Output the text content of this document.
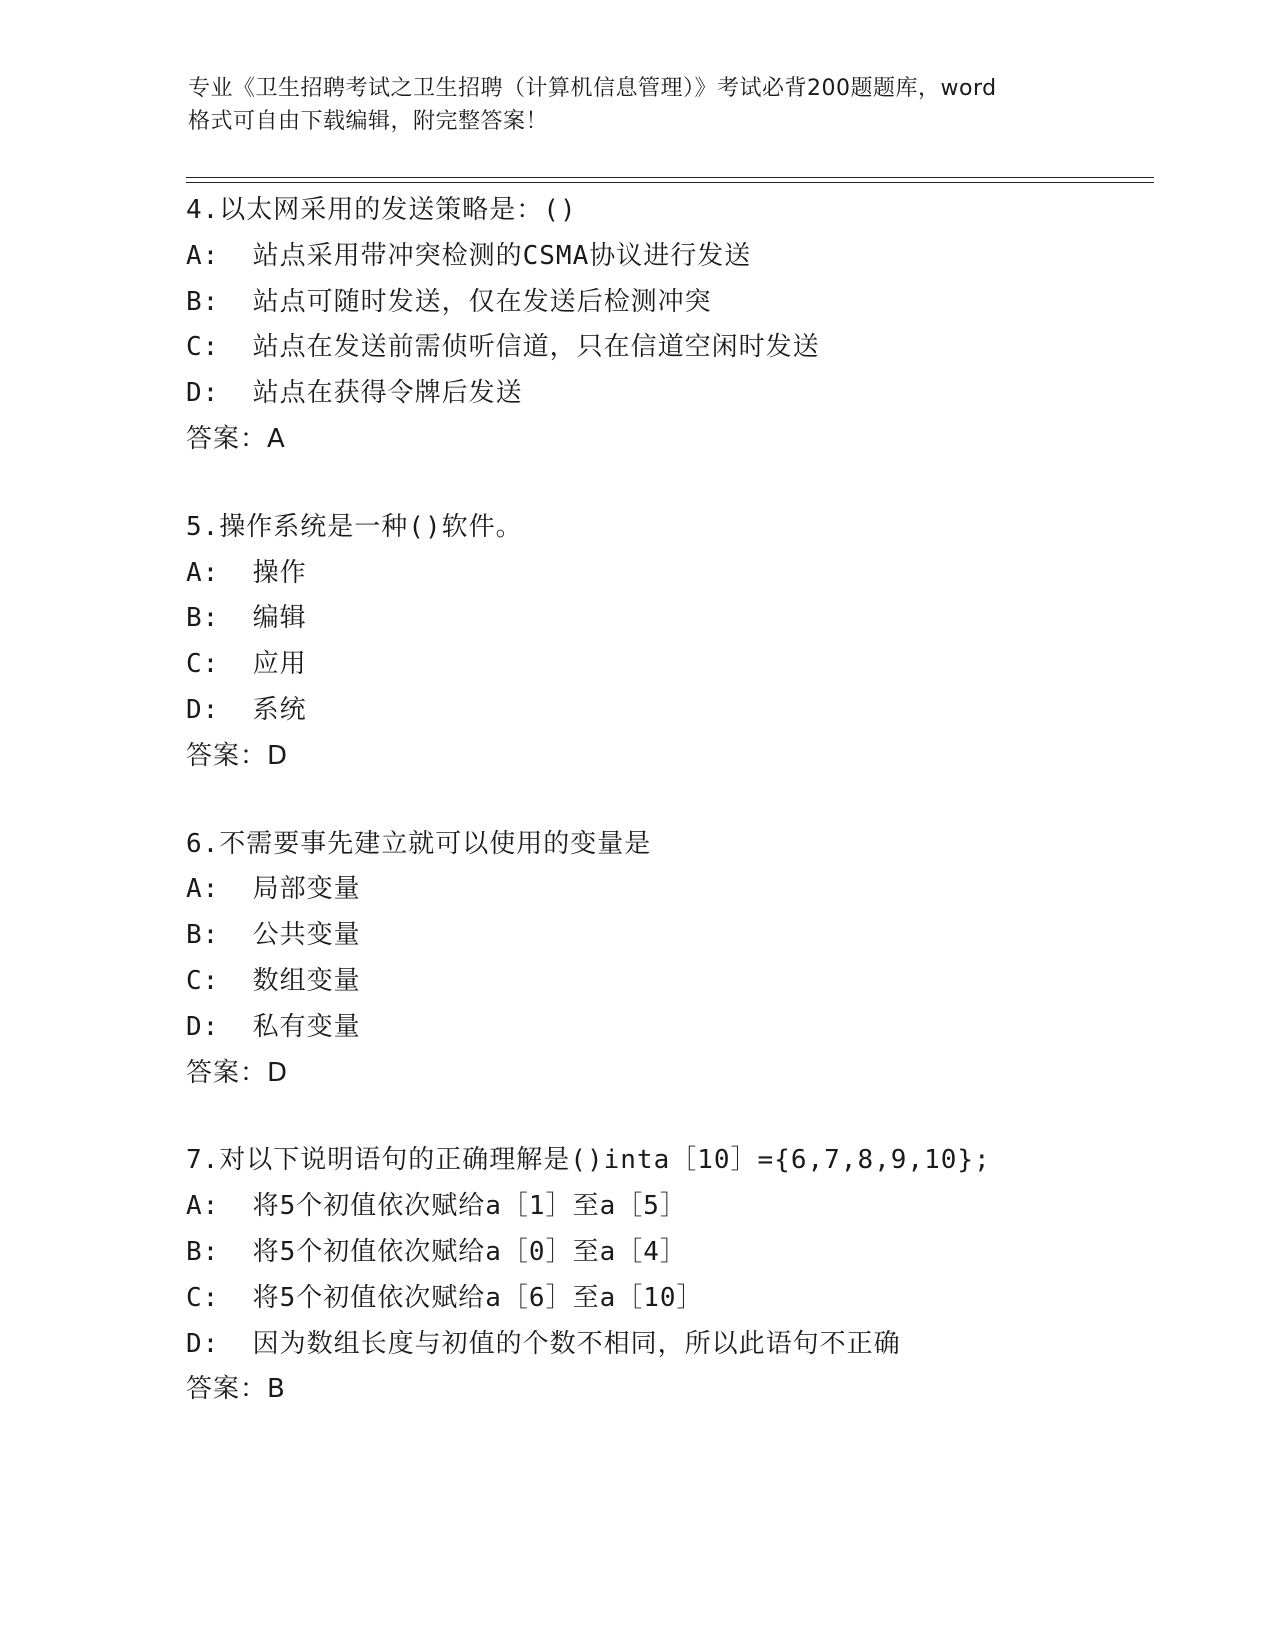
专业《卫生招聘考试之卫生招聘（计算机信息管理）》考试必背200题题库，word
格式可自由下载编辑，附完整答案！
4.以太网采用的发送策略是：()
A:  站点采用带冲突检测的CSMA协议进行发送
B:  站点可随时发送，仅在发送后检测冲突
C:  站点在发送前需侦听信道，只在信道空闲时发送
D:  站点在获得令牌后发送
答案：A
5.操作系统是一种()软件。
A:  操作
B:  编辑
C:  应用
D:  系统
答案：D
6.不需要事先建立就可以使用的变量是
A:  局部变量
B:  公共变量
C:  数组变量
D:  私有变量
答案：D
7.对以下说明语句的正确理解是()inta［10］={6,7,8,9,10};
A:  将5个初值依次赋给a［1］至a［5］
B:  将5个初值依次赋给a［0］至a［4］
C:  将5个初值依次赋给a［6］至a［10］
D:  因为数组长度与初值的个数不相同，所以此语句不正确
答案：B
